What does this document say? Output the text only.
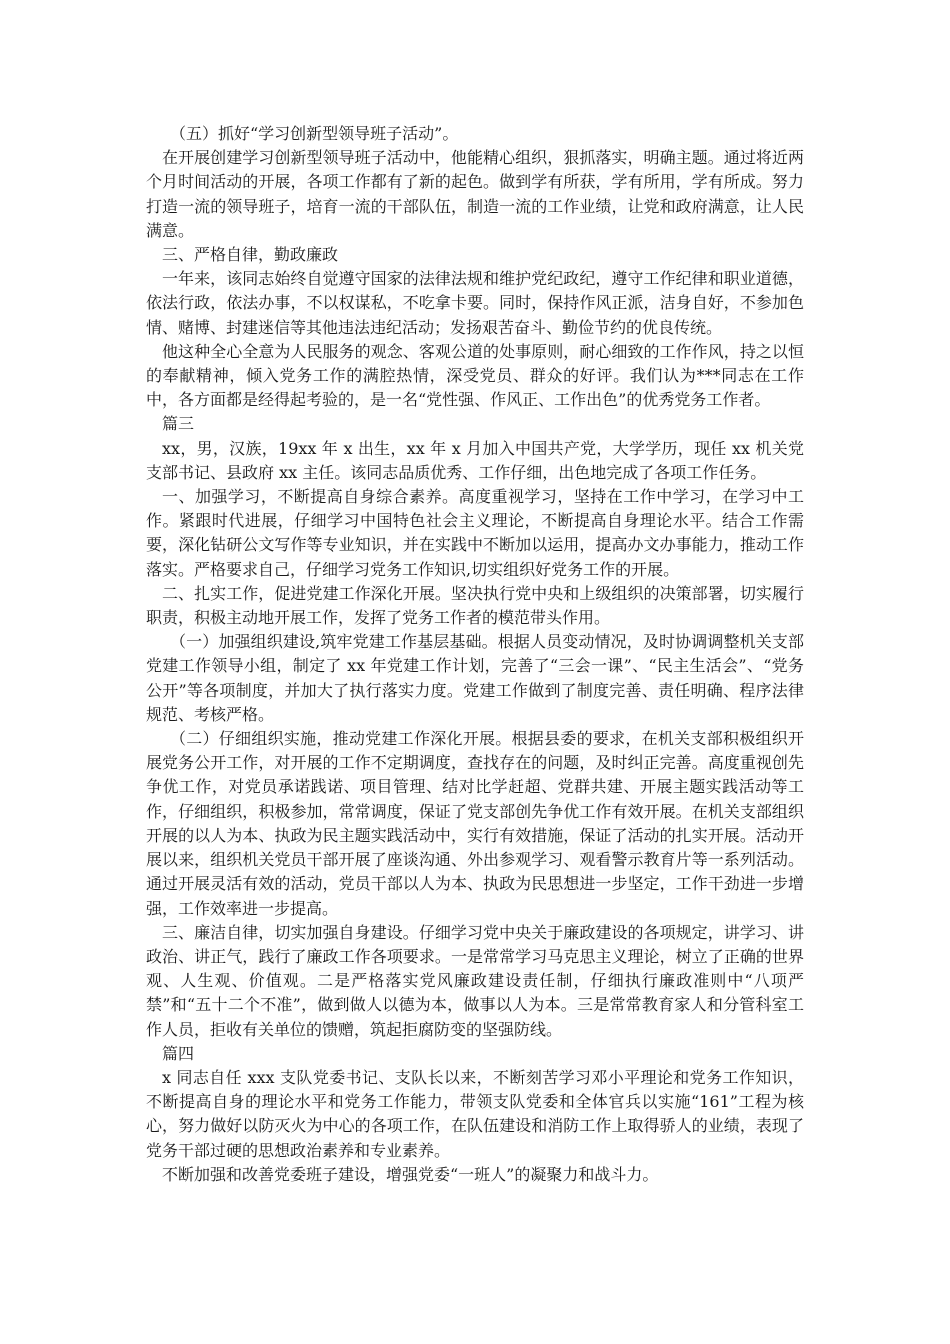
（五）抓好“学习创新型领导班子活动”。

在开展创建学习创新型领导班子活动中，他能精心组织，狠抓落实，明确主题。通过将近两个月时间活动的开展，各项工作都有了新的起色。做到学有所获，学有所用，学有所成。努力打造一流的领导班子，培育一流的干部队伍，制造一流的工作业绩，让党和政府满意，让人民满意。

三、严格自律，勤政廉政

一年来，该同志始终自觉遵守国家的法律法规和维护党纪政纪，遵守工作纪律和职业道德，依法行政，依法办事，不以权谋私，不吃拿卡要。同时，保持作风正派，洁身自好，不参加色情、赌博、封建迷信等其他违法违纪活动；发扬艰苦奋斗、勤俭节约的优良传统。

他这种全心全意为人民服务的观念、客观公道的处事原则，耐心细致的工作作风，持之以恒的奉献精神，倾入党务工作的满腔热情，深受党员、群众的好评。我们认为***同志在工作中，各方面都是经得起考验的，是一名“党性强、作风正、工作出色”的优秀党务工作者。

篇三

xx，男，汉族，19xx 年 x 出生，xx 年 x 月加入中国共产党，大学学历，现任 xx 机关党支部书记、县政府 xx 主任。该同志品质优秀、工作仔细，出色地完成了各项工作任务。

一、加强学习，不断提高自身综合素养。高度重视学习，坚持在工作中学习，在学习中工作。紧跟时代进展，仔细学习中国特色社会主义理论，不断提高自身理论水平。结合工作需要，深化钻研公文写作等专业知识，并在实践中不断加以运用，提高办文办事能力，推动工作落实。严格要求自己，仔细学习党务工作知识,切实组织好党务工作的开展。

二、扎实工作，促进党建工作深化开展。坚决执行党中央和上级组织的决策部署，切实履行职责，积极主动地开展工作，发挥了党务工作者的模范带头作用。

（一）加强组织建设,筑牢党建工作基层基础。根据人员变动情况，及时协调调整机关支部党建工作领导小组，制定了 xx 年党建工作计划，完善了“三会一课”、“民主生活会”、“党务公开”等各项制度，并加大了执行落实力度。党建工作做到了制度完善、责任明确、程序法律规范、考核严格。

（二）仔细组织实施，推动党建工作深化开展。根据县委的要求，在机关支部积极组织开展党务公开工作，对开展的工作不定期调度，查找存在的问题，及时纠正完善。高度重视创先争优工作，对党员承诺践诺、项目管理、结对比学赶超、党群共建、开展主题实践活动等工作，仔细组织，积极参加，常常调度，保证了党支部创先争优工作有效开展。在机关支部组织开展的以人为本、执政为民主题实践活动中，实行有效措施，保证了活动的扎实开展。活动开展以来，组织机关党员干部开展了座谈沟通、外出参观学习、观看警示教育片等一系列活动。通过开展灵活有效的活动，党员干部以人为本、执政为民思想进一步坚定，工作干劲进一步增强，工作效率进一步提高。

三、廉洁自律，切实加强自身建设。仔细学习党中央关于廉政建设的各项规定，讲学习、讲政治、讲正气，践行了廉政工作各项要求。一是常常学习马克思主义理论，树立了正确的世界观、人生观、价值观。二是严格落实党风廉政建设责任制，仔细执行廉政准则中“八项严禁”和“五十二个不准”，做到做人以德为本，做事以人为本。三是常常教育家人和分管科室工作人员，拒收有关单位的馈赠，筑起拒腐防变的坚强防线。

篇四

x 同志自任 xxx 支队党委书记、支队长以来，不断刻苦学习邓小平理论和党务工作知识，不断提高自身的理论水平和党务工作能力，带领支队党委和全体官兵以实施“161”工程为核心，努力做好以防灭火为中心的各项工作，在队伍建设和消防工作上取得骄人的业绩，表现了党务干部过硬的思想政治素养和专业素养。

不断加强和改善党委班子建设，增强党委“一班人”的凝聚力和战斗力。
